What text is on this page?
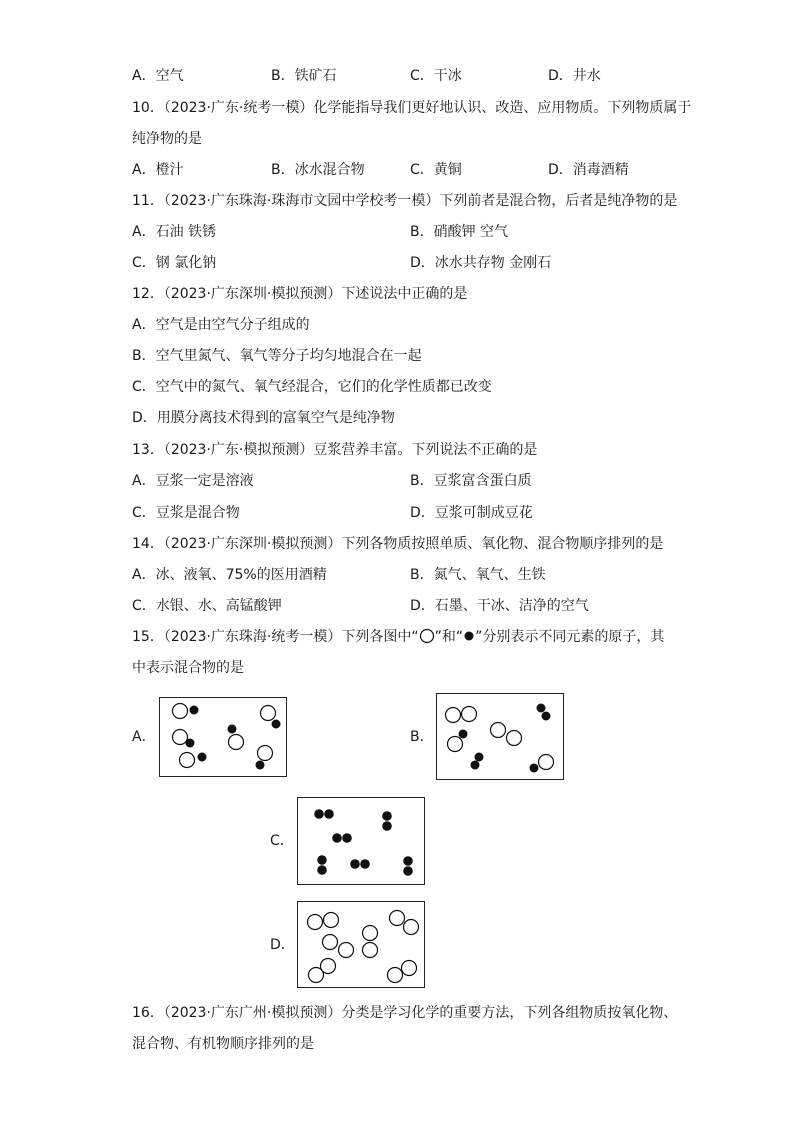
A．空气	B．铁矿石	C．干冰	D．井水
10．（2023·广东·统考一模）化学能指导我们更好地认识、改造、应用物质。下列物质属于
纯净物的是
A．橙汁	B．冰水混合物	C．黄铜	D．消毒酒精
11．（2023·广东珠海·珠海市文园中学校考一模）下列前者是混合物，后者是纯净物的是
A．石油 铁锈	B．硝酸钾 空气
C．钢 氯化钠	D．冰水共存物 金刚石
12．（2023·广东深圳·模拟预测）下述说法中正确的是
A．空气是由空气分子组成的
B．空气里氮气、氧气等分子均匀地混合在一起
C．空气中的氮气、氧气经混合，它们的化学性质都已改变
D．用膜分离技术得到的富氧空气是纯净物
13．（2023·广东·模拟预测）豆浆营养丰富。下列说法不正确的是
A．豆浆一定是溶液	B．豆浆富含蛋白质
C．豆浆是混合物	D．豆浆可制成豆花
14．（2023·广东深圳·模拟预测）下列各物质按照单质、氧化物、混合物顺序排列的是
A．冰、液氧、75%的医用酒精	B．氮气、氧气、生铁
C．水银、水、高锰酸钾	D．石墨、干冰、洁净的空气
15．（2023·广东珠海·统考一模）下列各图中“ ”和“ ”分别表示不同元素的原子，其
中表示混合物的是
A．	B．
C．
D．
16．（2023·广东广州·模拟预测）分类是学习化学的重要方法，下列各组物质按氧化物、
混合物、有机物顺序排列的是
